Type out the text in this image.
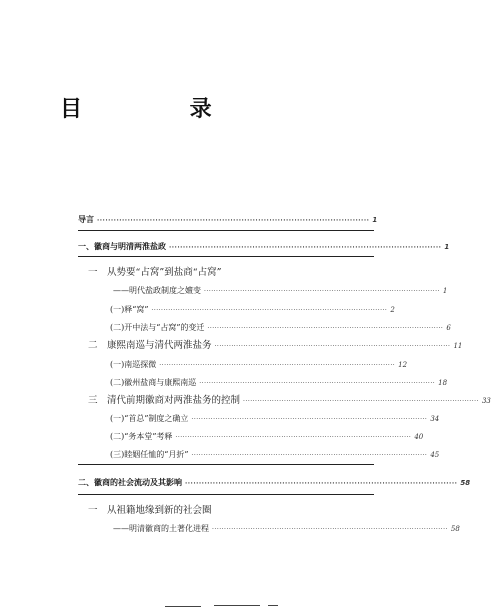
目 录
导言 ·································································································· 1
一、徽商与明清两淮盐政 ·································································································· 1
一　从势要“占窝”到盐商“占窝”
——明代盐政制度之嬗变 ·································································································· 1
(一)释“窝” ·································································································· 2
(二)开中法与“占窝”的变迁 ·································································································· 6
二　康熙南巡与清代两淮盐务 ·································································································· 11
(一)南巡探微 ·································································································· 12
(二)徽州盐商与康熙南巡 ·································································································· 18
三　清代前期徽商对两淮盐务的控制 ·································································································· 33
(一)“首总”制度之确立 ·································································································· 34
(二)“务本堂”考释 ·································································································· 40
(三)睦姻任恤的“月折” ·································································································· 45
二、徽商的社会流动及其影响 ·································································································· 58
一　从祖籍地缘到新的社会圈
——明清徽商的土著化进程 ·································································································· 58
